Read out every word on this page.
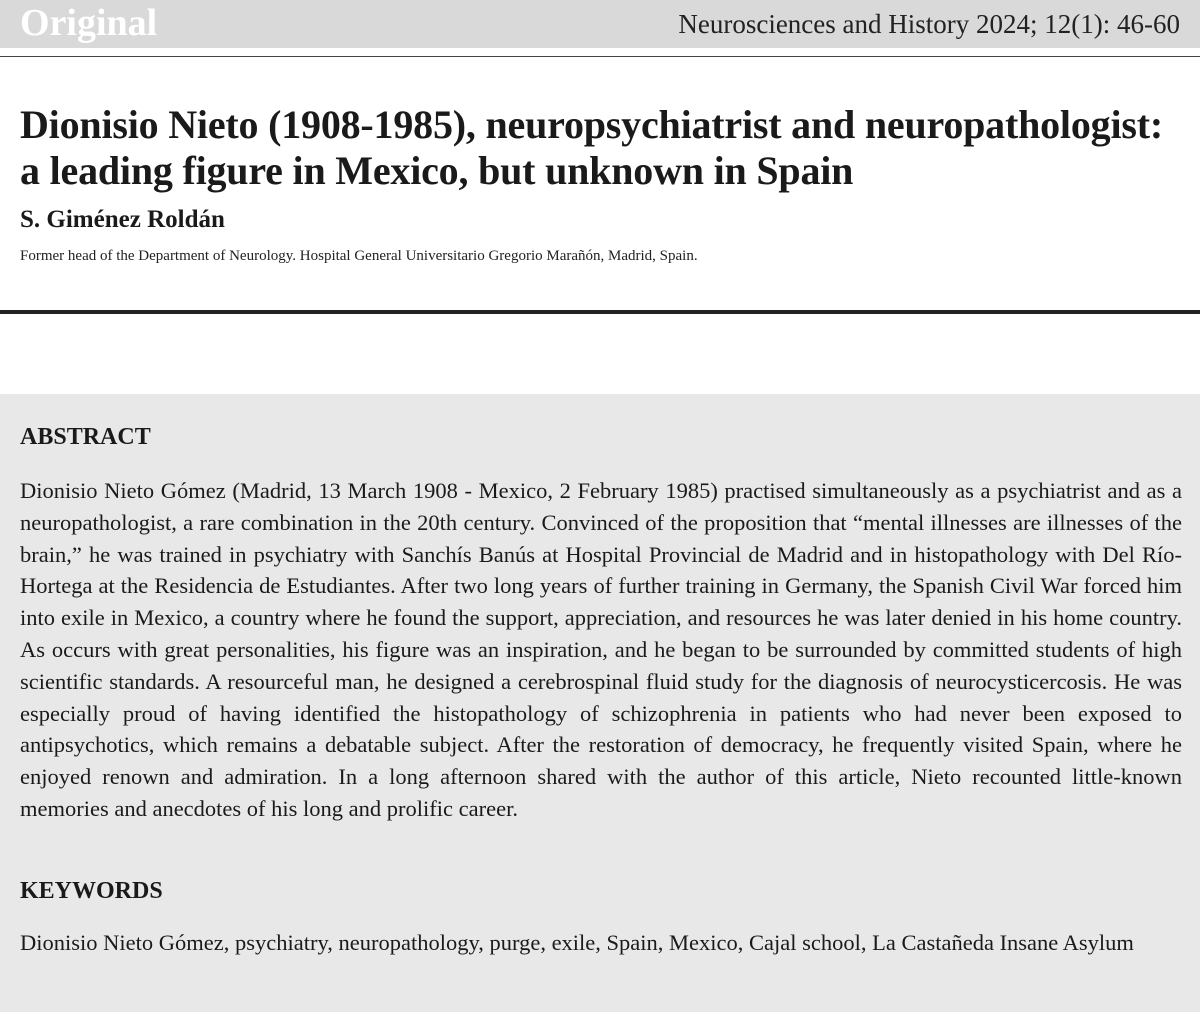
Original	Neurosciences and History 2024; 12(1): 46-60
Dionisio Nieto (1908-1985), neuropsychiatrist and neuropathologist: a leading figure in Mexico, but unknown in Spain
S. Giménez Roldán
Former head of the Department of Neurology. Hospital General Universitario Gregorio Marañón, Madrid, Spain.
ABSTRACT

Dionisio Nieto Gómez (Madrid, 13 March 1908 - Mexico, 2 February 1985) practised simultaneously as a psychiatrist and as a neuropathologist, a rare combination in the 20th century. Convinced of the proposition that “mental illnesses are illnesses of the brain,” he was trained in psychiatry with Sanchís Banús at Hospital Provincial de Madrid and in histopathology with Del Río-Hortega at the Residencia de Estudiantes. After two long years of further training in Germany, the Spanish Civil War forced him into exile in Mexico, a country where he found the support, appreciation, and resources he was later denied in his home country. As occurs with great personalities, his figure was an inspiration, and he began to be surrounded by committed students of high scientific standards. A resourceful man, he designed a cerebrospinal fluid study for the diagnosis of neurocysticercosis. He was especially proud of having identified the histopathology of schizophrenia in patients who had never been exposed to antipsychotics, which remains a debatable subject. After the restoration of democracy, he frequently visited Spain, where he enjoyed renown and admiration. In a long afternoon shared with the author of this article, Nieto recounted little-known memories and anecdotes of his long and prolific career.

KEYWORDS

Dionisio Nieto Gómez, psychiatry, neuropathology, purge, exile, Spain, Mexico, Cajal school, La Castañeda Insane Asylum
